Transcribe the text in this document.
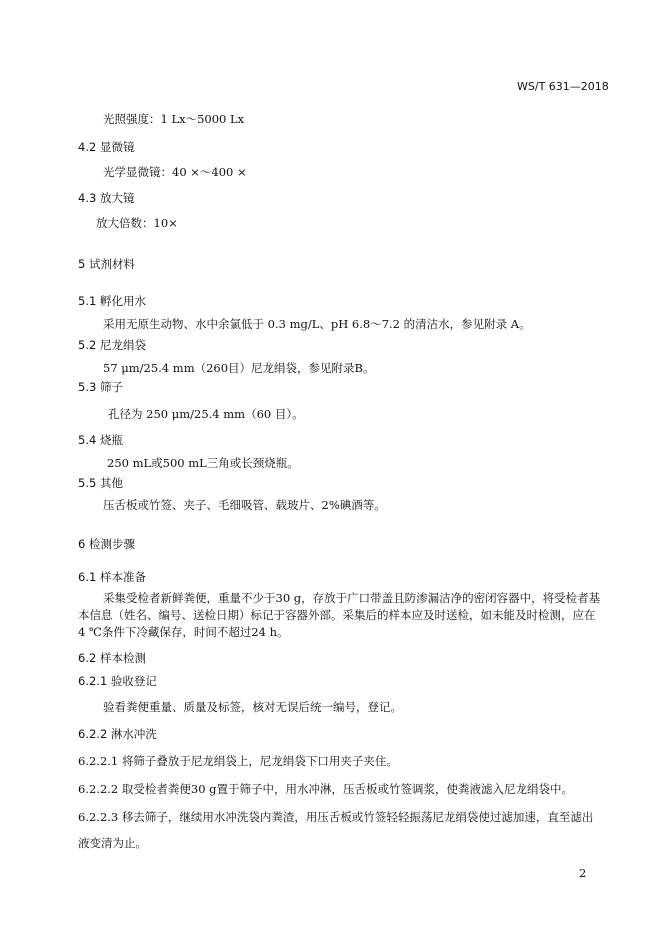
WS/T 631—2018
光照强度：1 Lx～5000 Lx
4.2 显微镜
光学显微镜：40 ×～400 ×
4.3 放大镜
放大倍数：10×
5 试剂材料
5.1 孵化用水
采用无原生动物、水中余氯低于 0.3 mg/L、pH 6.8～7.2 的清洁水，参见附录 A。
5.2 尼龙绢袋
57 μm/25.4 mm（260目）尼龙绢袋，参见附录B。
5.3 筛子
孔径为 250 μm/25.4 mm（60 目）。
5.4 烧瓶
250 mL或500 mL三角或长颈烧瓶。
5.5 其他
压舌板或竹签、夹子、毛细吸管、载玻片、2%碘酒等。
6 检测步骤
6.1 样本准备
采集受检者新鲜粪便，重量不少于30 g，存放于广口带盖且防渗漏洁净的密闭容器中，将受检者基
本信息（姓名、编号、送检日期）标记于容器外部。采集后的样本应及时送检，如未能及时检测，应在
4 ℃条件下冷藏保存，时间不超过24 h。
6.2 样本检测
6.2.1 验收登记
验看粪便重量、质量及标签，核对无误后统一编号，登记。
6.2.2 淋水冲洗
6.2.2.1 将筛子叠放于尼龙绢袋上，尼龙绢袋下口用夹子夹住。
6.2.2.2 取受检者粪便30 g置于筛子中，用水冲淋，压舌板或竹签调浆，使粪液滤入尼龙绢袋中。
6.2.2.3 移去筛子，继续用水冲洗袋内粪渣，用压舌板或竹签轻轻振荡尼龙绢袋使过滤加速，直至滤出
液变清为止。
2
